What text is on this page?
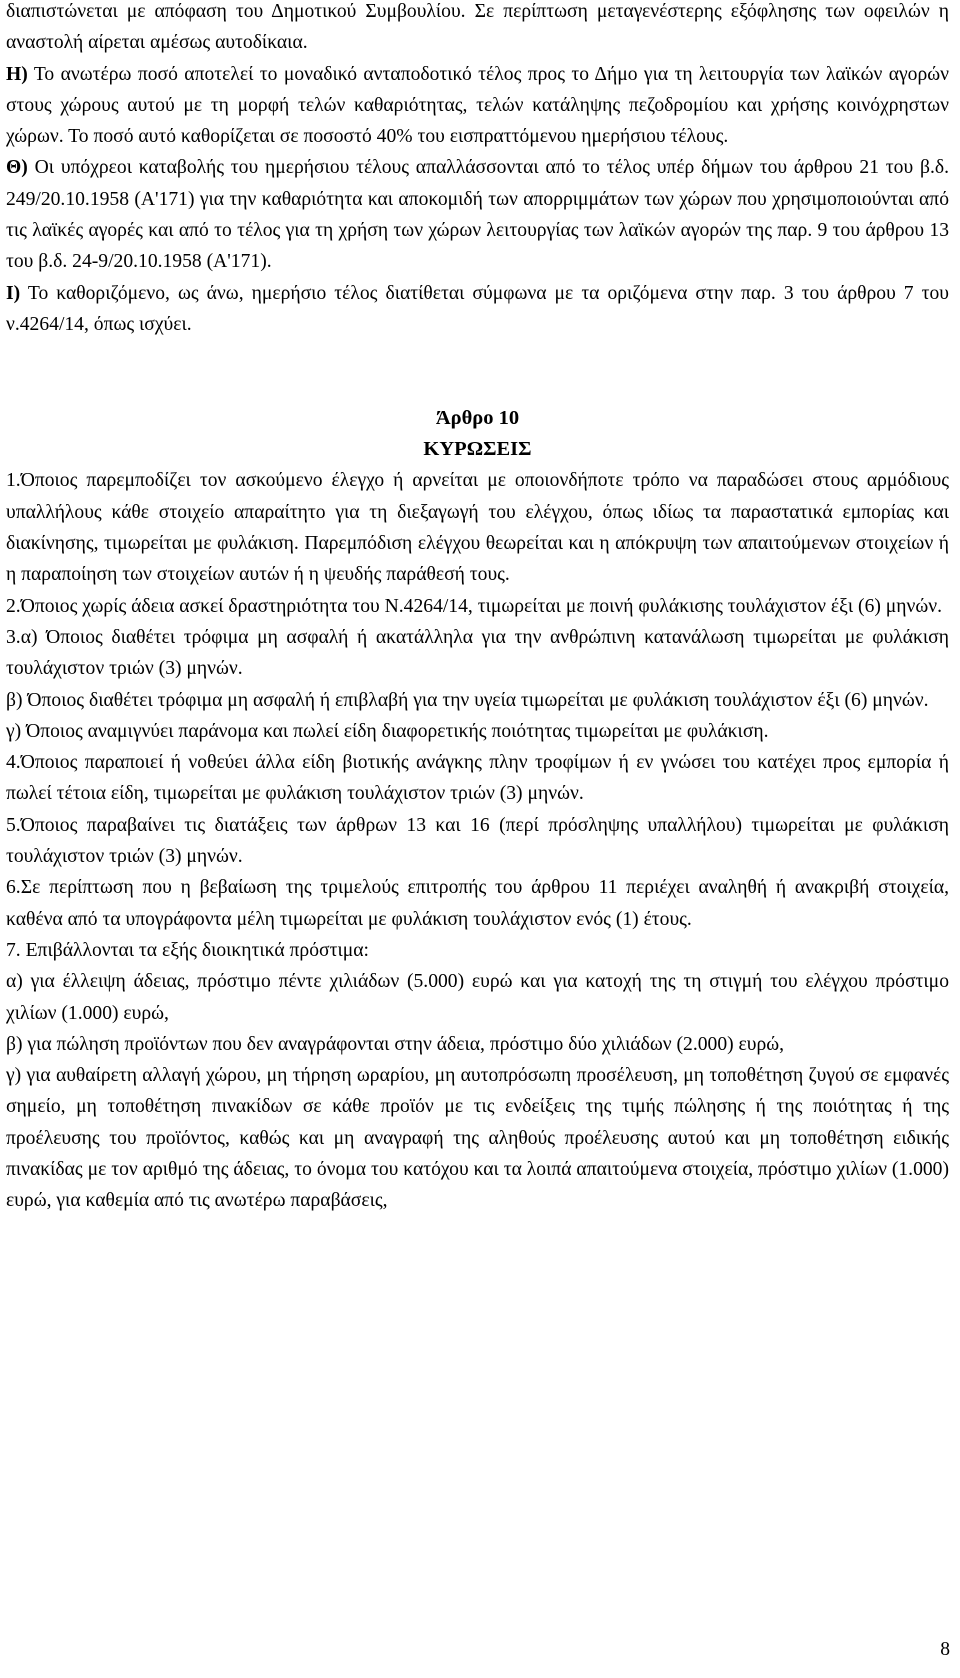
διαπιστώνεται με απόφαση του Δημοτικού Συμβουλίου. Σε περίπτωση μεταγενέστερης εξόφλησης των οφειλών η αναστολή αίρεται αμέσως αυτοδίκαια.

Η) Το ανωτέρω ποσό αποτελεί το μοναδικό ανταποδοτικό τέλος προς το Δήμο για τη λειτουργία των λαϊκών αγορών στους χώρους αυτού με τη μορφή τελών καθαριότητας, τελών κατάληψης πεζοδρομίου και χρήσης κοινόχρηστων χώρων. Το ποσό αυτό καθορίζεται σε ποσοστό 40% του εισπραττόμενου ημερήσιου τέλους.

Θ) Οι υπόχρεοι καταβολής του ημερήσιου τέλους απαλλάσσονται από το τέλος υπέρ δήμων του άρθρου 21 του β.δ. 249/20.10.1958 (Α'171) για την καθαριότητα και αποκομιδή των απορριμμάτων των χώρων που χρησιμοποιούνται από τις λαϊκές αγορές και από το τέλος για τη χρήση των χώρων λειτουργίας των λαϊκών αγορών της παρ. 9 του άρθρου 13 του β.δ. 24-9/20.10.1958 (Α'171).

Ι) Το καθοριζόμενο, ως άνω, ημερήσιο τέλος διατίθεται σύμφωνα με τα οριζόμενα στην παρ. 3 του άρθρου 7 του ν.4264/14, όπως ισχύει.

Άρθρο 10

ΚΥΡΩΣΕΙΣ

1.Όποιος παρεμποδίζει τον ασκούμενο έλεγχο ή αρνείται με οποιονδήποτε τρόπο να παραδώσει στους αρμόδιους υπαλλήλους κάθε στοιχείο απαραίτητο για τη διεξαγωγή του ελέγχου, όπως ιδίως τα παραστατικά εμπορίας και διακίνησης, τιμωρείται με φυλάκιση. Παρεμπόδιση ελέγχου θεωρείται και η απόκρυψη των απαιτούμενων στοιχείων ή η παραποίηση των στοιχείων αυτών ή η ψευδής παράθεσή τους.

2.Όποιος χωρίς άδεια ασκεί δραστηριότητα του Ν.4264/14, τιμωρείται με ποινή φυλάκισης τουλάχιστον έξι (6) μηνών.

3.α) Όποιος διαθέτει τρόφιμα μη ασφαλή ή ακατάλληλα για την ανθρώπινη κατανάλωση τιμωρείται με φυλάκιση τουλάχιστον τριών (3) μηνών.

β) Όποιος διαθέτει τρόφιμα μη ασφαλή ή επιβλαβή για την υγεία τιμωρείται με φυλάκιση τουλάχιστον έξι (6) μηνών.

γ) Όποιος αναμιγνύει παράνομα και πωλεί είδη διαφορετικής ποιότητας τιμωρείται με φυλάκιση.

4.Όποιος παραποιεί ή νοθεύει άλλα είδη βιοτικής ανάγκης πλην τροφίμων ή εν γνώσει του κατέχει προς εμπορία ή πωλεί τέτοια είδη, τιμωρείται με φυλάκιση τουλάχιστον τριών (3) μηνών.

5.Όποιος παραβαίνει τις διατάξεις των άρθρων 13 και 16 (περί πρόσληψης υπαλλήλου) τιμωρείται με φυλάκιση τουλάχιστον τριών (3) μηνών.

6.Σε περίπτωση που η βεβαίωση της τριμελούς επιτροπής του άρθρου 11 περιέχει αναληθή ή ανακριβή στοιχεία, καθένα από τα υπογράφοντα μέλη τιμωρείται με φυλάκιση τουλάχιστον ενός (1) έτους.

7. Επιβάλλονται τα εξής διοικητικά πρόστιμα:

α) για έλλειψη άδειας, πρόστιμο πέντε χιλιάδων (5.000) ευρώ και για κατοχή της τη στιγμή του ελέγχου πρόστιμο χιλίων (1.000) ευρώ,

β) για πώληση προϊόντων που δεν αναγράφονται στην άδεια, πρόστιμο δύο χιλιάδων (2.000) ευρώ,

γ) για αυθαίρετη αλλαγή χώρου, μη τήρηση ωραρίου, μη αυτοπρόσωπη προσέλευση, μη τοποθέτηση ζυγού σε εμφανές σημείο, μη τοποθέτηση πινακίδων σε κάθε προϊόν με τις ενδείξεις της τιμής πώλησης ή της ποιότητας ή της προέλευσης του προϊόντος, καθώς και μη αναγραφή της αληθούς προέλευσης αυτού και μη τοποθέτηση ειδικής πινακίδας με τον αριθμό της άδειας, το όνομα του κατόχου και τα λοιπά απαιτούμενα στοιχεία, πρόστιμο χιλίων (1.000) ευρώ, για καθεμία από τις ανωτέρω παραβάσεις,

8
